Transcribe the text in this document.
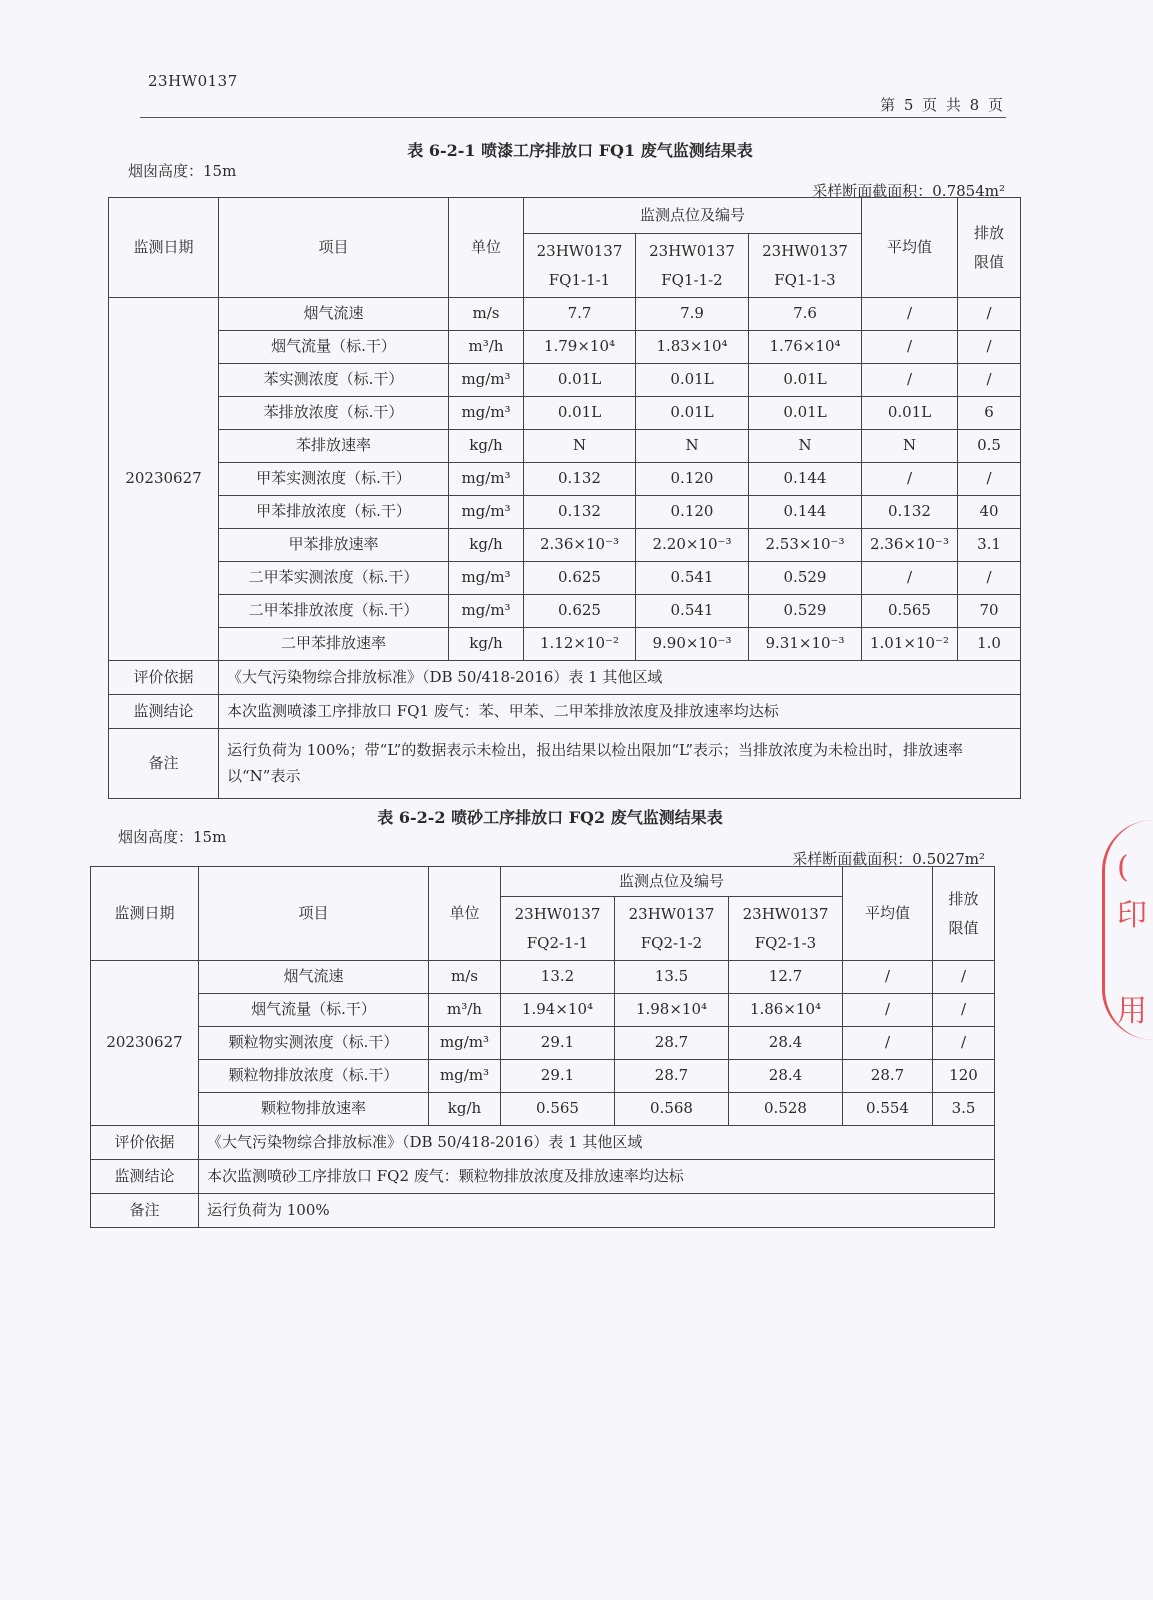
23HW0137
第 5 页 共 8 页
表 6-2-1 喷漆工序排放口 FQ1 废气监测结果表
烟囱高度：15m
采样断面截面积：0.7854m²
监测日期	项目	单位	监测点位及编号			平均值	排放限值
			23HW0137 FQ1-1-1	23HW0137 FQ1-1-2	23HW0137 FQ1-1-3		
20230627	烟气流速	m/s	7.7	7.9	7.6	/	/
	烟气流量（标.干）	m³/h	1.79×10⁴	1.83×10⁴	1.76×10⁴	/	/
	苯实测浓度（标.干）	mg/m³	0.01L	0.01L	0.01L	/	/
	苯排放浓度（标.干）	mg/m³	0.01L	0.01L	0.01L	0.01L	6
	苯排放速率	kg/h	N	N	N	N	0.5
	甲苯实测浓度（标.干）	mg/m³	0.132	0.120	0.144	/	/
	甲苯排放浓度（标.干）	mg/m³	0.132	0.120	0.144	0.132	40
	甲苯排放速率	kg/h	2.36×10⁻³	2.20×10⁻³	2.53×10⁻³	2.36×10⁻³	3.1
	二甲苯实测浓度（标.干）	mg/m³	0.625	0.541	0.529	/	/
	二甲苯排放浓度（标.干）	mg/m³	0.625	0.541	0.529	0.565	70
	二甲苯排放速率	kg/h	1.12×10⁻²	9.90×10⁻³	9.31×10⁻³	1.01×10⁻²	1.0
评价依据	《大气污染物综合排放标准》（DB 50/418-2016）表 1 其他区域						
监测结论	本次监测喷漆工序排放口 FQ1 废气：苯、甲苯、二甲苯排放浓度及排放速率均达标						
备注	运行负荷为 100%；带“L”的数据表示未检出，报出结果以检出限加“L”表示；当排放浓度为未检出时，排放速率以“N”表示						
表 6-2-2 喷砂工序排放口 FQ2 废气监测结果表
烟囱高度：15m
采样断面截面积：0.5027m²
监测日期	项目	单位	监测点位及编号			平均值	排放限值
			23HW0137 FQ2-1-1	23HW0137 FQ2-1-2	23HW0137 FQ2-1-3		
20230627	烟气流速	m/s	13.2	13.5	12.7	/	/
	烟气流量（标.干）	m³/h	1.94×10⁴	1.98×10⁴	1.86×10⁴	/	/
	颗粒物实测浓度（标.干）	mg/m³	29.1	28.7	28.4	/	/
	颗粒物排放浓度（标.干）	mg/m³	29.1	28.7	28.4	28.7	120
	颗粒物排放速率	kg/h	0.565	0.568	0.528	0.554	3.5
评价依据	《大气污染物综合排放标准》（DB 50/418-2016）表 1 其他区域						
监测结论	本次监测喷砂工序排放口 FQ2 废气：颗粒物排放浓度及排放速率均达标						
备注	运行负荷为 100%						
(
印

用
